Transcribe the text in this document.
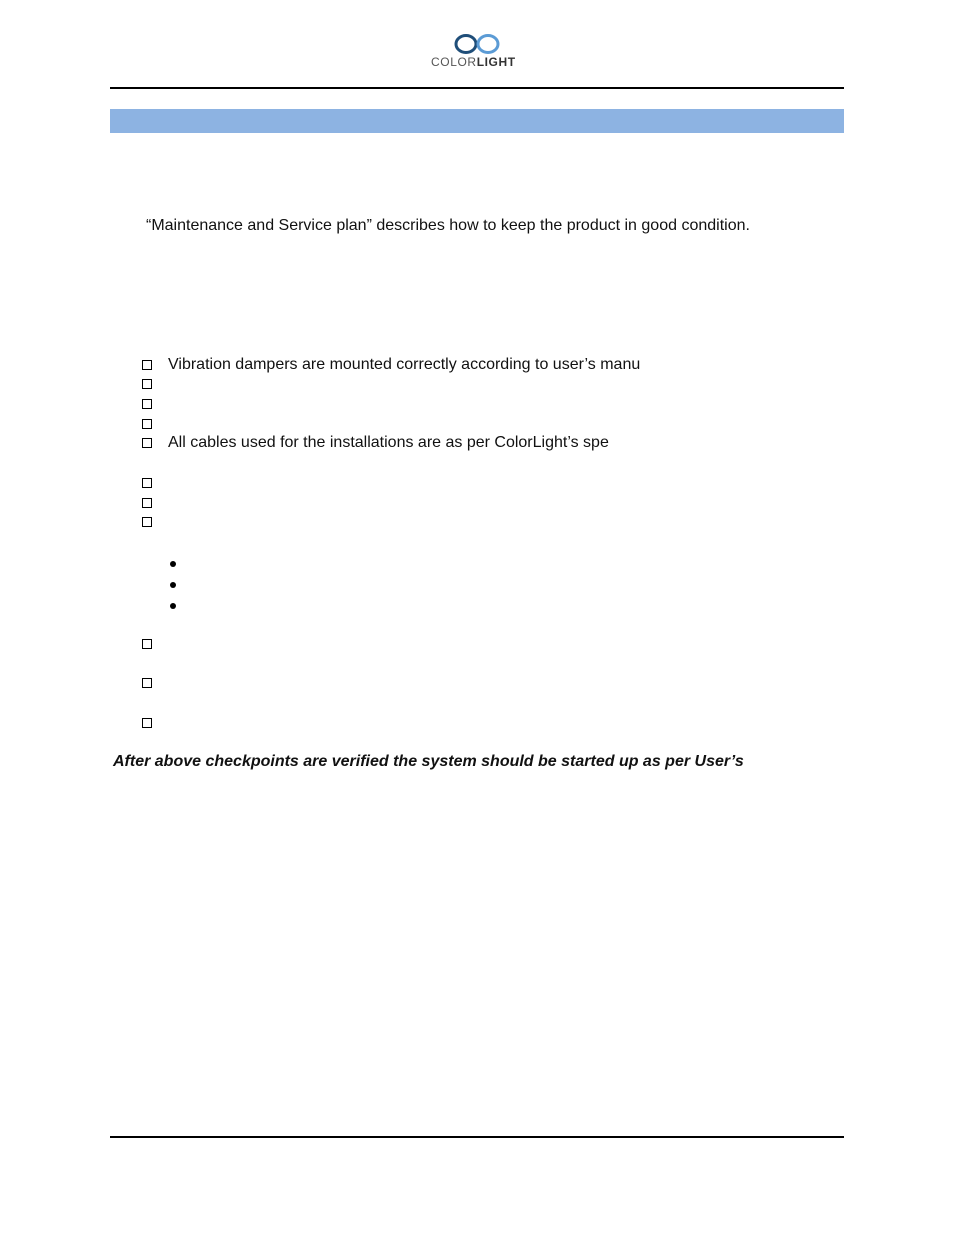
COLORLIGHT
“Maintenance and Service plan” describes how to keep the product in good condition.
Vibration dampers are mounted correctly according to user’s manu
All cables used for the installations are as per ColorLight’s spe
After above checkpoints are verified the system should be started up as per User’s
